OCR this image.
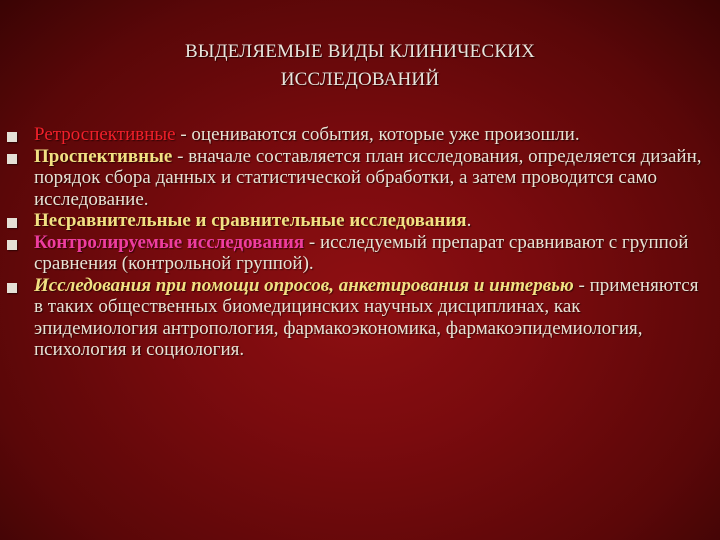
ВЫДЕЛЯЕМЫЕ ВИДЫ КЛИНИЧЕСКИХ
ИССЛЕДОВАНИЙ
Ретроспективные - оцениваются события, которые уже произошли.
Проспективные - вначале составляется план исследования, определяется дизайн, порядок сбора данных и статистической обработки, а затем проводится само исследование.
Несравнительные и сравнительные исследования.
Контролируемые исследования - исследуемый препарат сравнивают с группой сравнения (контрольной группой).
Исследования при помощи опросов, анкетирования и интервью - применяются в таких общественных биомедицинских научных дисциплинах, как эпидемиология антропология, фармакоэкономика, фармакоэпидемиология, психология и социология.
